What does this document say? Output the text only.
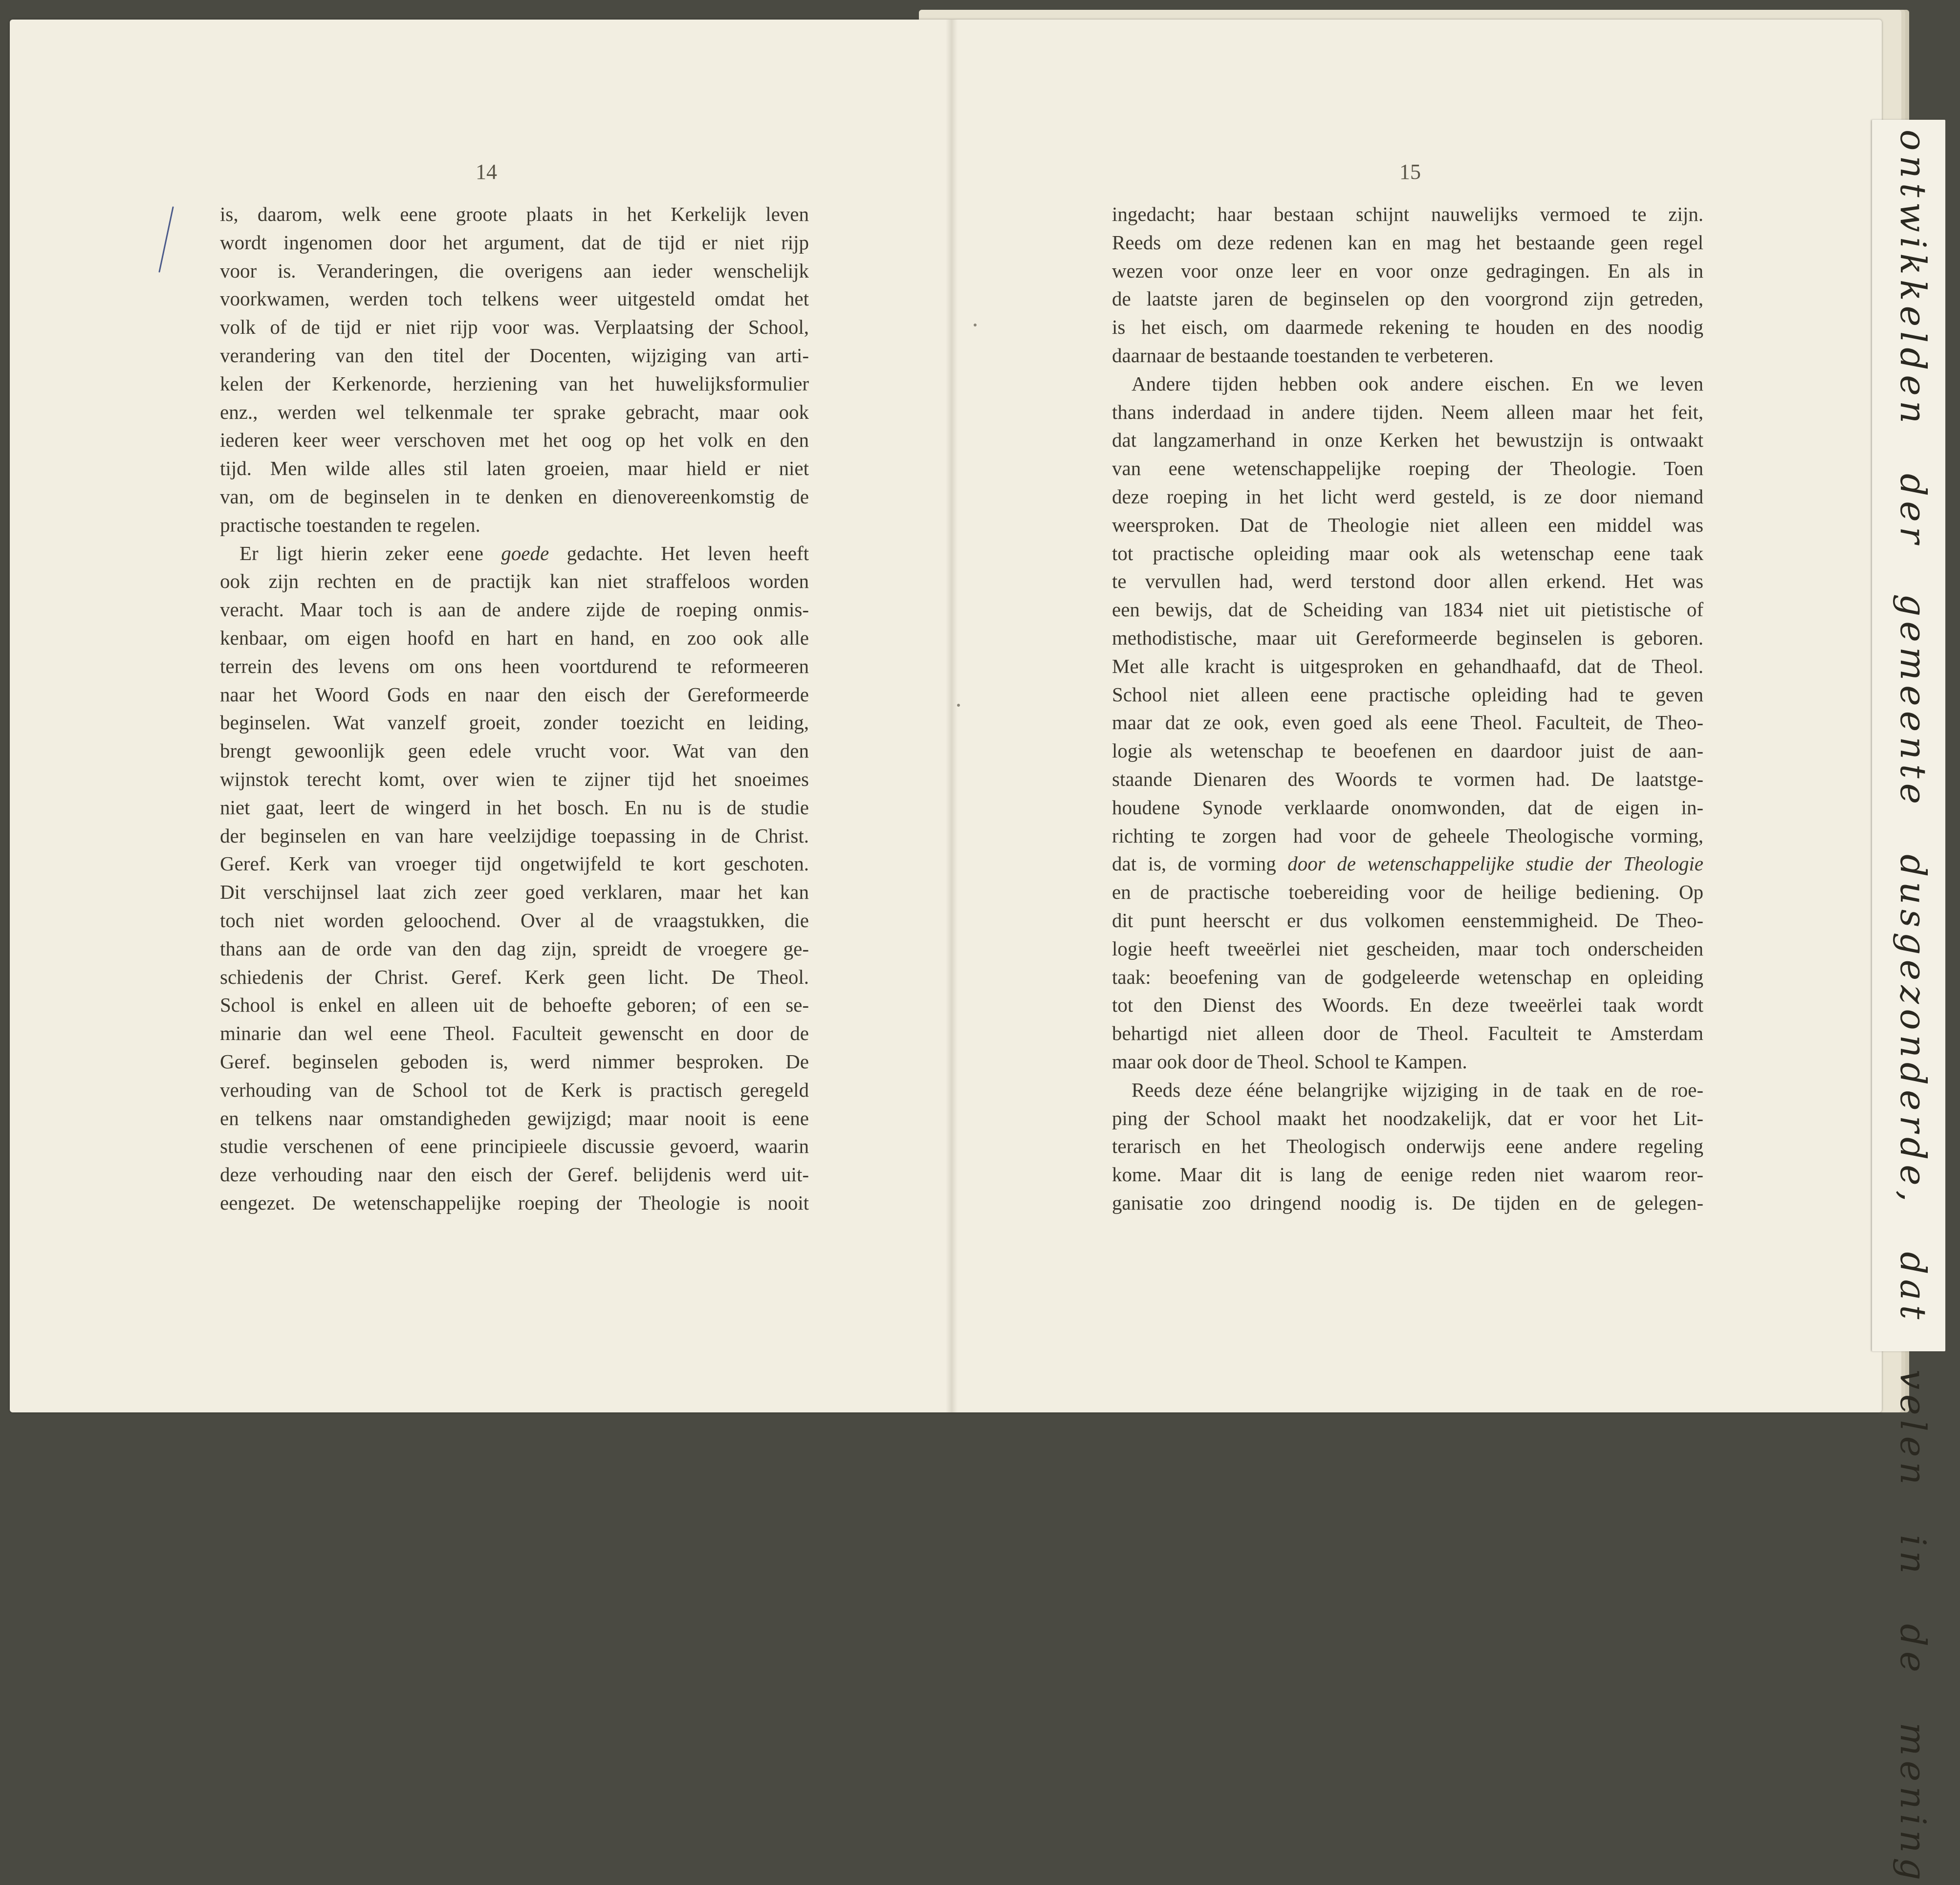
14
is, daarom, welk eene groote plaats in het Kerkelijk leven
wordt ingenomen door het argument, dat de tijd er niet rijp
voor is. Veranderingen, die overigens aan ieder wenschelijk
voorkwamen, werden toch telkens weer uitgesteld omdat het
volk of de tijd er niet rijp voor was. Verplaatsing der School,
verandering van den titel der Docenten, wijziging van arti-
kelen der Kerkenorde, herziening van het huwelijksformulier
enz., werden wel telkenmale ter sprake gebracht, maar ook
iederen keer weer verschoven met het oog op het volk en den
tijd. Men wilde alles stil laten groeien, maar hield er niet
van, om de beginselen in te denken en dienovereenkomstig de
practische toestanden te regelen.
Er ligt hierin zeker eene goede gedachte. Het leven heeft
ook zijn rechten en de practijk kan niet straffeloos worden
veracht. Maar toch is aan de andere zijde de roeping onmis-
kenbaar, om eigen hoofd en hart en hand, en zoo ook alle
terrein des levens om ons heen voortdurend te reformeeren
naar het Woord Gods en naar den eisch der Gereformeerde
beginselen. Wat vanzelf groeit, zonder toezicht en leiding,
brengt gewoonlijk geen edele vrucht voor. Wat van den
wijnstok terecht komt, over wien te zijner tijd het snoeimes
niet gaat, leert de wingerd in het bosch. En nu is de studie
der beginselen en van hare veelzijdige toepassing in de Christ.
Geref. Kerk van vroeger tijd ongetwijfeld te kort geschoten.
Dit verschijnsel laat zich zeer goed verklaren, maar het kan
toch niet worden geloochend. Over al de vraagstukken, die
thans aan de orde van den dag zijn, spreidt de vroegere ge-
schiedenis der Christ. Geref. Kerk geen licht. De Theol.
School is enkel en alleen uit de behoefte geboren; of een se-
minarie dan wel eene Theol. Faculteit gewenscht en door de
Geref. beginselen geboden is, werd nimmer besproken. De
verhouding van de School tot de Kerk is practisch geregeld
en telkens naar omstandigheden gewijzigd; maar nooit is eene
studie verschenen of eene principieele discussie gevoerd, waarin
deze verhouding naar den eisch der Geref. belijdenis werd uit-
eengezet. De wetenschappelijke roeping der Theologie is nooit
15
ingedacht; haar bestaan schijnt nauwelijks vermoed te zijn.
Reeds om deze redenen kan en mag het bestaande geen regel
wezen voor onze leer en voor onze gedragingen. En als in
de laatste jaren de beginselen op den voorgrond zijn getreden,
is het eisch, om daarmede rekening te houden en des noodig
daarnaar de bestaande toestanden te verbeteren.
Andere tijden hebben ook andere eischen. En we leven
thans inderdaad in andere tijden. Neem alleen maar het feit,
dat langzamerhand in onze Kerken het bewustzijn is ontwaakt
van eene wetenschappelijke roeping der Theologie. Toen
deze roeping in het licht werd gesteld, is ze door niemand
weersproken. Dat de Theologie niet alleen een middel was
tot practische opleiding maar ook als wetenschap eene taak
te vervullen had, werd terstond door allen erkend. Het was
een bewijs, dat de Scheiding van 1834 niet uit pietistische of
methodistische, maar uit Gereformeerde beginselen is geboren.
Met alle kracht is uitgesproken en gehandhaafd, dat de Theol.
School niet alleen eene practische opleiding had te geven
maar dat ze ook, even goed als eene Theol. Faculteit, de Theo-
logie als wetenschap te beoefenen en daardoor juist de aan-
staande Dienaren des Woords te vormen had. De laatstge-
houdene Synode verklaarde onomwonden, dat de eigen in-
richting te zorgen had voor de geheele Theologische vorming,
dat is, de vorming door de wetenschappelijke studie der Theologie
en de practische toebereiding voor de heilige bediening. Op
dit punt heerscht er dus volkomen eenstemmigheid. De Theo-
logie heeft tweeërlei niet gescheiden, maar toch onderscheiden
taak: beoefening van de godgeleerde wetenschap en opleiding
tot den Dienst des Woords. En deze tweeërlei taak wordt
behartigd niet alleen door de Theol. Faculteit te Amsterdam
maar ook door de Theol. School te Kampen.
Reeds deze ééne belangrijke wijziging in de taak en de roe-
ping der School maakt het noodzakelijk, dat er voor het Lit-
terarisch en het Theologisch onderwijs eene andere regeling
kome. Maar dit is lang de eenige reden niet waarom reor-
ganisatie zoo dringend noodig is. De tijden en de gelegen-	ontwikkelden der gemeente dusgezonderde, dat velen in de mening
